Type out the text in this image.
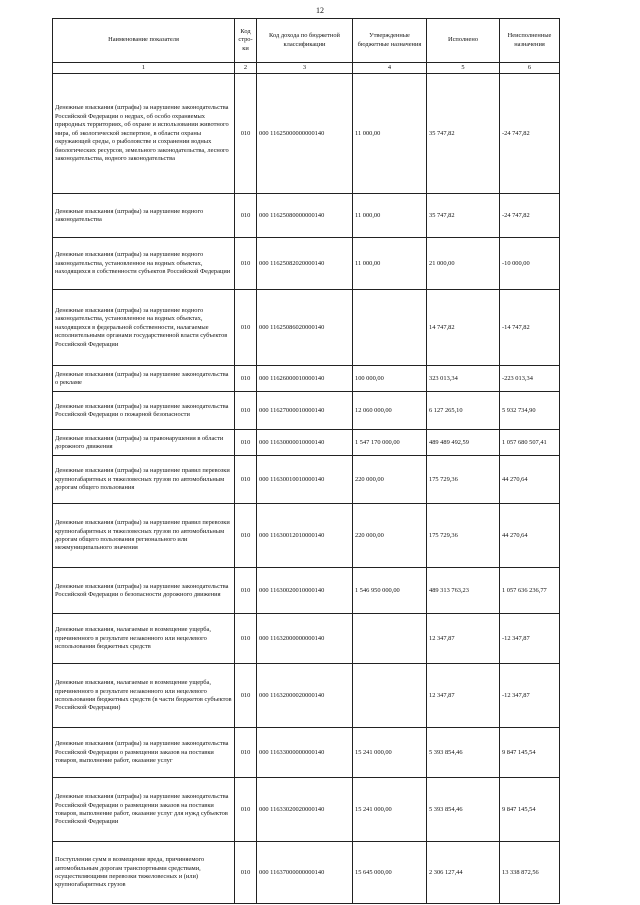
12
Наименование показателя	Код стро-ки	Код дохода по бюджетной классификации	Утвержденные бюджетные назначения	Исполнено	Неисполненные назначения
1	2	3	4	5	6
Денежные взыскания (штрафы) за нарушение законодательства Российской Федерации о недрах, об особо охраняемых природных территориях, об охране и использовании животного мира, об экологической экспертизе, в области охраны окружающей среды, о рыболовстве и сохранении водных биологических ресурсов, земельного законодательства, лесного законодательства, водного законодательства	010	000 11625000000000140	11 000,00	35 747,82	-24 747,82
Денежные взыскания (штрафы) за нарушение водного законодательства	010	000 11625080000000140	11 000,00	35 747,82	-24 747,82
Денежные взыскания (штрафы) за нарушение водного законодательства, установленное на водных объектах, находящихся в собственности субъектов Российской Федерации	010	000 11625082020000140	11 000,00	21 000,00	-10 000,00
Денежные взыскания (штрафы) за нарушение водного законодательства, установленное на водных объектах, находящихся в федеральной собственности, налагаемые исполнительными органами государственной власти субъектов Российской Федерации	010	000 11625086020000140		14 747,82	-14 747,82
Денежные взыскания (штрафы) за нарушение законодательства о рекламе	010	000 11626000010000140	100 000,00	323 013,34	-223 013,34
Денежные взыскания (штрафы) за нарушение законодательства Российской Федерации о пожарной безопасности	010	000 11627000010000140	12 060 000,00	6 127 265,10	5 932 734,90
Денежные взыскания (штрафы) за правонарушения в области дорожного движения	010	000 11630000010000140	1 547 170 000,00	489 489 492,59	1 057 680 507,41
Денежные взыскания (штрафы) за нарушение правил перевозки крупногабаритных и тяжеловесных грузов по автомобильным дорогам общего пользования	010	000 11630010010000140	220 000,00	175 729,36	44 270,64
Денежные взыскания (штрафы) за нарушение правил перевозки крупногабаритных и тяжеловесных грузов по автомобильным дорогам общего пользования регионального или межмуниципального значения	010	000 11630012010000140	220 000,00	175 729,36	44 270,64
Денежные взыскания (штрафы) за нарушение законодательства Российской Федерации о безопасности дорожного движения	010	000 11630020010000140	1 546 950 000,00	489 313 763,23	1 057 636 236,77
Денежные взыскания, налагаемые в возмещение ущерба, причиненного в результате незаконного или нецелевого использования бюджетных средств	010	000 11632000000000140		12 347,87	-12 347,87
Денежные взыскания, налагаемые в возмещение ущерба, причиненного в результате незаконного или нецелевого использования бюджетных средств (в части бюджетов субъектов Российской Федерации)	010	000 11632000020000140		12 347,87	-12 347,87
Денежные взыскания (штрафы) за нарушение законодательства Российской Федерации о размещении заказов на поставки товаров, выполнение работ, оказание услуг	010	000 11633000000000140	15 241 000,00	5 393 854,46	9 847 145,54
Денежные взыскания (штрафы) за нарушение законодательства Российской Федерации о размещении заказов на поставки товаров, выполнение работ, оказание услуг для нужд субъектов Российской Федерации	010	000 11633020020000140	15 241 000,00	5 393 854,46	9 847 145,54
Поступления сумм в возмещение вреда, причиняемого автомобильным дорогам транспортными средствами, осуществляющими перевозки тяжеловесных и (или) крупногабаритных грузов	010	000 11637000000000140	15 645 000,00	2 306 127,44	13 338 872,56
